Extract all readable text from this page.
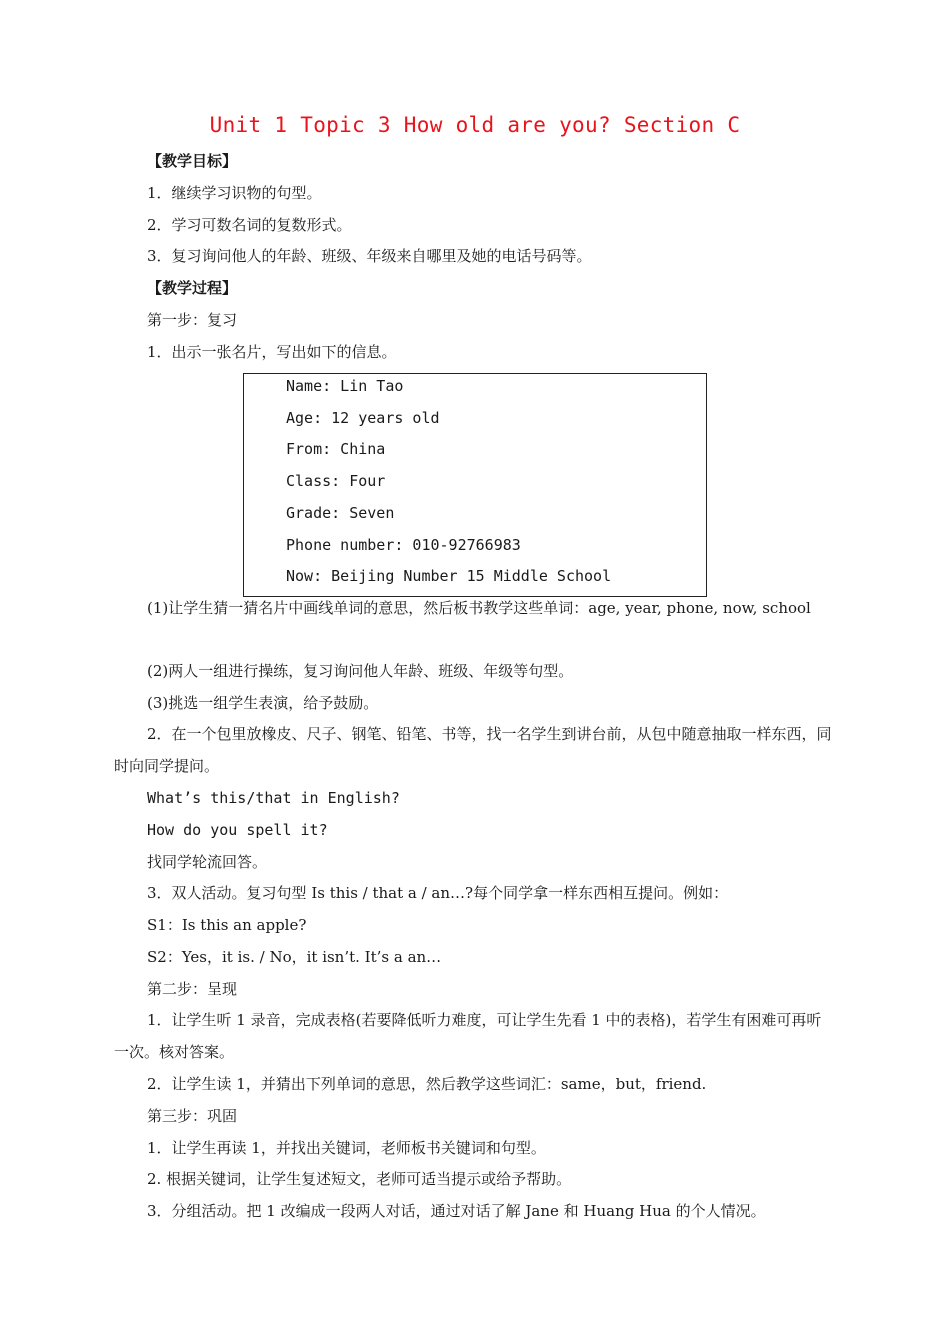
Unit 1 Topic 3 How old are you? Section C
【教学目标】
1．继续学习识物的句型。
2．学习可数名词的复数形式。
3．复习询问他人的年龄、班级、年级来自哪里及她的电话号码等。
【教学过程】
第一步：复习
1．出示一张名片，写出如下的信息。
Name: Lin Tao
Age: 12 years old
From: China
Class: Four
Grade: Seven
Phone number: 010-92766983
Now: Beijing Number 15 Middle School
(1)让学生猜一猜名片中画线单词的意思，然后板书教学这些单词：age, year, phone, now, school
(2)两人一组进行操练，复习询问他人年龄、班级、年级等句型。
(3)挑选一组学生表演，给予鼓励。
2．在一个包里放橡皮、尺子、钢笔、铅笔、书等，找一名学生到讲台前，从包中随意抽取一样东西，同时向同学提问。
What’s this/that in English?
How do you spell it?
找同学轮流回答。
3．双人活动。复习句型 Is this / that a / an…?每个同学拿一样东西相互提问。例如：
S1：Is this an apple?
S2：Yes，it is. / No，it isn’t. It’s a an…
第二步：呈现
1．让学生听 1 录音，完成表格(若要降低听力难度，可让学生先看 1 中的表格)，若学生有困难可再听一次。核对答案。
2．让学生读 1，并猜出下列单词的意思，然后教学这些词汇：same，but，friend.
第三步：巩固
1．让学生再读 1，并找出关键词，老师板书关键词和句型。
2. 根据关键词，让学生复述短文，老师可适当提示或给予帮助。
3．分组活动。把 1 改编成一段两人对话，通过对话了解 Jane 和 Huang Hua 的个人情况。
